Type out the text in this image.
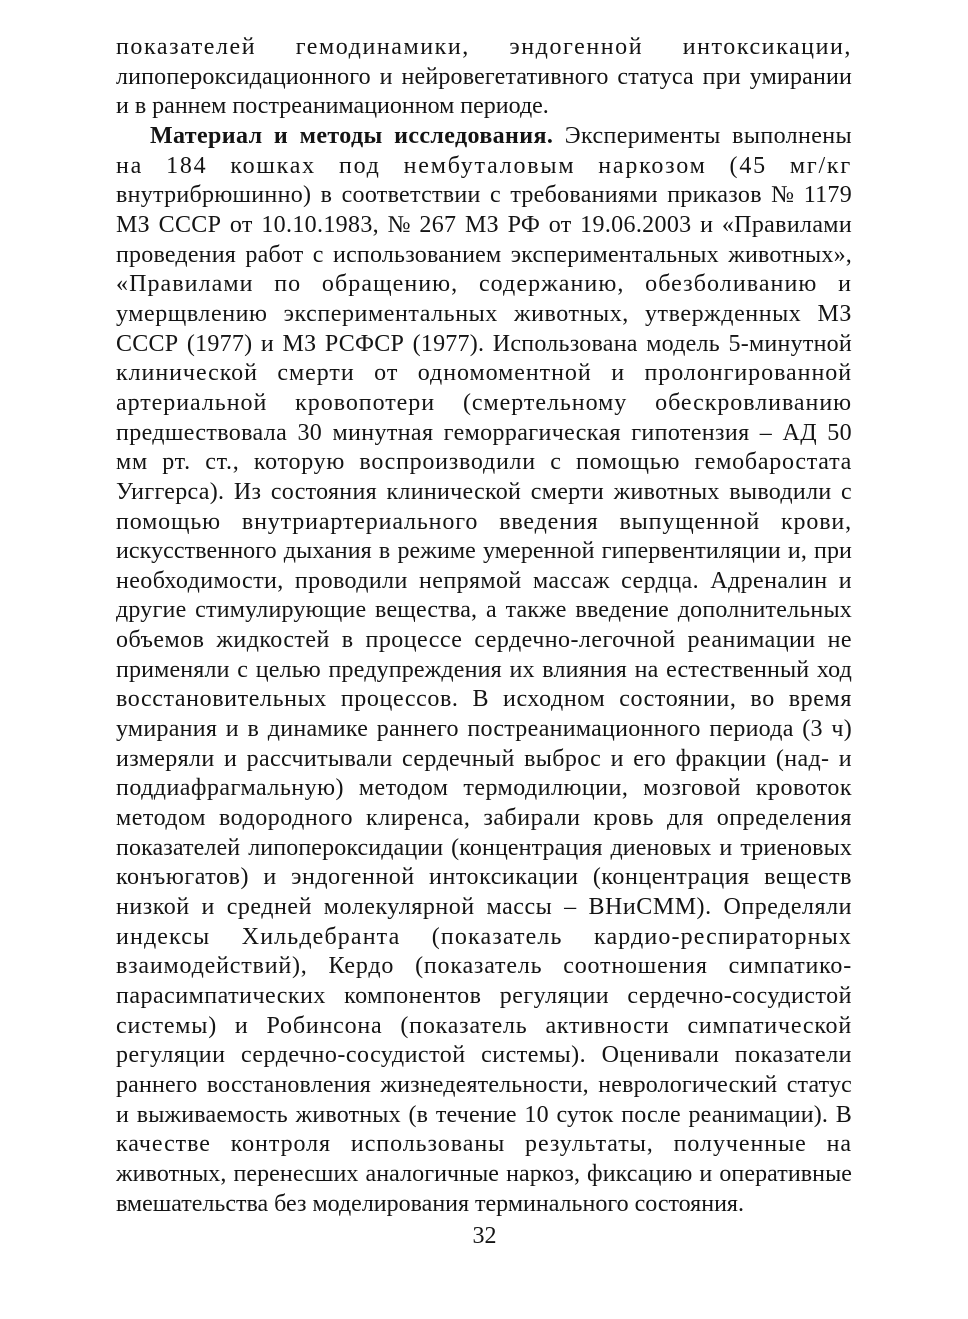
показателей гемодинамики, эндогенной интоксикации,
липопероксидационного и нейровегетативного статуса при умирании
и в раннем постреанимационном периоде.
Материал и методы исследования. Эксперименты выполнены
на 184 кошках под нембуталовым наркозом (45 мг/кг
внутрибрюшинно) в соответствии с требованиями приказов № 1179
МЗ СССР от 10.10.1983, № 267 МЗ РФ от 19.06.2003 и «Правилами
проведения работ с использованием экспериментальных животных»,
«Правилами по обращению, содержанию, обезболиванию и
умерщвлению экспериментальных животных, утвержденных МЗ
СССР (1977) и МЗ РСФСР (1977). Использована модель 5-минутной
клинической смерти от одномоментной и пролонгированной
артериальной кровопотери (смертельному обескровливанию
предшествовала 30 минутная геморрагическая гипотензия – АД 50
мм рт. ст., которую воспроизводили с помощью гемобаростата
Уиггерса). Из состояния клинической смерти животных выводили с
помощью внутриартериального введения выпущенной крови,
искусственного дыхания в режиме умеренной гипервентиляции и, при
необходимости, проводили непрямой массаж сердца. Адреналин и
другие стимулирующие вещества, а также введение дополнительных
объемов жидкостей в процессе сердечно-легочной реанимации не
применяли с целью предупреждения их влияния на естественный ход
восстановительных процессов. В исходном состоянии, во время
умирания и в динамике раннего постреанимационного периода (3 ч)
измеряли и рассчитывали сердечный выброс и его фракции (над- и
поддиафрагмальную) методом термодилюции, мозговой кровоток
методом водородного клиренса, забирали кровь для определения
показателей липопероксидации (концентрация диеновых и триеновых
конъюгатов) и эндогенной интоксикации (концентрация веществ
низкой и средней молекулярной массы – ВНиСММ). Определяли
индексы Хильдебранта (показатель кардио-респираторных
взаимодействий), Кердо (показатель соотношения симпатико-
парасимпатических компонентов регуляции сердечно-сосудистой
системы) и Робинсона (показатель активности симпатической
регуляции сердечно-сосудистой системы). Оценивали показатели
раннего восстановления жизнедеятельности, неврологический статус
и выживаемость животных (в течение 10 суток после реанимации). В
качестве контроля использованы результаты, полученные на
животных, перенесших аналогичные наркоз, фиксацию и оперативные
вмешательства без моделирования терминального состояния.
32
